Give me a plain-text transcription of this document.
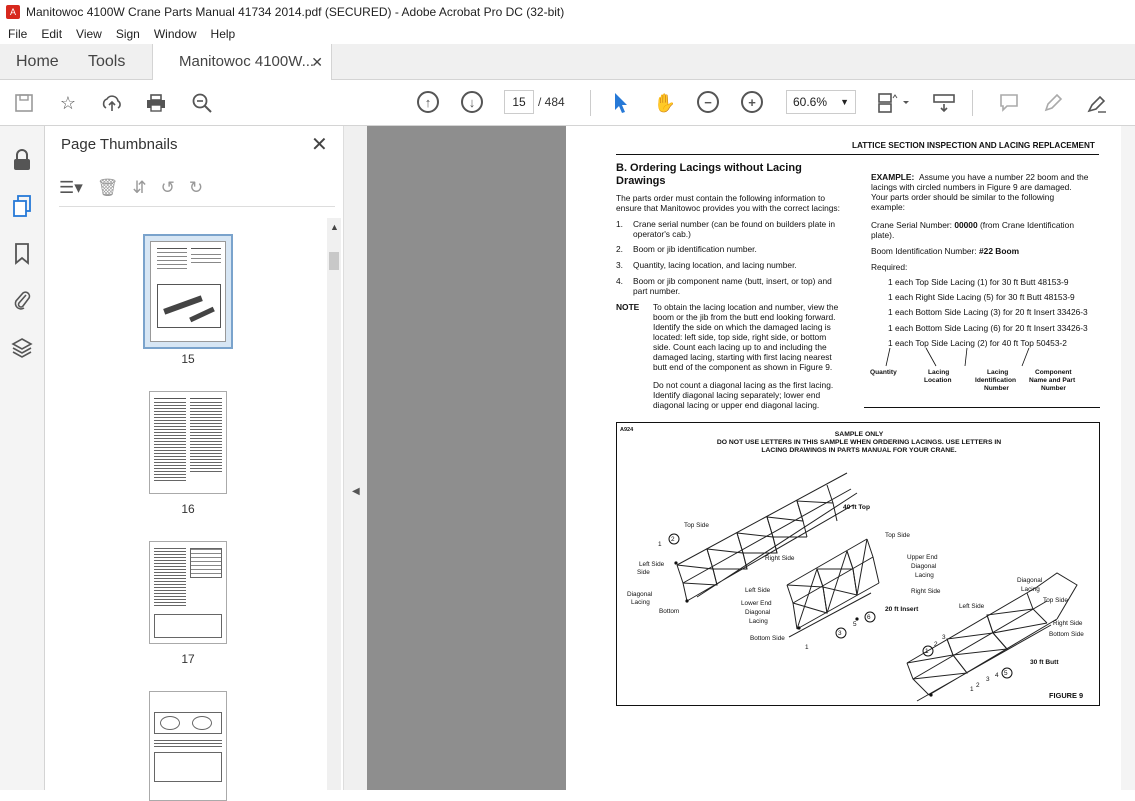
A Manitowoc 4100W Crane Parts Manual 41734 2014.pdf (SECURED) - Adobe Acrobat Pro DC (32-bit)
File	Edit	View	Sign	Window	Help
Home Tools	Manitowoc 4100W...
✕
☆	↑	↓	15	/ 484	✋	−	+	60.6% ▼
Page Thumbnails	✕
☰▾ 🗑 ⇵ ↺ ↻
15
16
17
▲
◀
LATTICE SECTION INSPECTION AND LACING REPLACEMENT
B. Ordering Lacings without Lacing
Drawings
The parts order must contain the following information to
ensure that Manitowoc provides you with the correct lacings:
1. Crane serial number (can be found on builders plate in
operator's cab.)
2. Boom or jib identification number.
3. Quantity, lacing location, and lacing number.
4. Boom or jib component name (butt, insert, or top) and
part number.
NOTE To obtain the lacing location and number, view the
boom or the jib from the butt end looking forward.
Identify the side on which the damaged lacing is
located: left side, top side, right side, or bottom
side. Count each lacing up to and including the
damaged lacing, starting with first lacing nearest
butt end of the component as shown in Figure 9.
Do not count a diagonal lacing as the first lacing.
Identify diagonal lacing separately; lower end
diagonal lacing or upper end diagonal lacing.
EXAMPLE: Assume you have a number 22 boom and the
lacings with circled numbers in Figure 9 are damaged.
Your parts order should be similar to the following
example:
Crane Serial Number: 00000 (from Crane Identification
plate).
Boom Identification Number: #22 Boom
Required:
1 each Top Side Lacing (1) for 30 ft Butt 48153-9
1 each Right Side Lacing (5) for 30 ft Butt 48153-9
1 each Bottom Side Lacing (3) for 20 ft Insert 33426-3
1 each Bottom Side Lacing (6) for 20 ft Insert 33426-3
1 each Top Side Lacing (2) for 40 ft Top 50453-2
Quantity	Lacing
Location
Lacing
Identification
Number
Component
Name and Part
Number
A924
SAMPLE ONLY
DO NOT USE LETTERS IN THIS SAMPLE WHEN ORDERING LACINGS. USE LETTERS IN
LACING DRAWINGS IN PARTS MANUAL FOR YOUR CRANE.
40 ft Top
20 ft Insert
30 ft Butt
FIGURE 9
Top Side
Right Side
Left Side
Side
Diagonal
Lacing
Bottom
Bottom Side
Top Side
Upper End
Diagonal
Lacing
Right Side
Left Side
Lower End
Diagonal
Lacing
Left Side
Diagonal
Lacing
Top Side
Right Side
Bottom Side
1
2
3
5
6
1
1
2
3
1
2
3
4 5
